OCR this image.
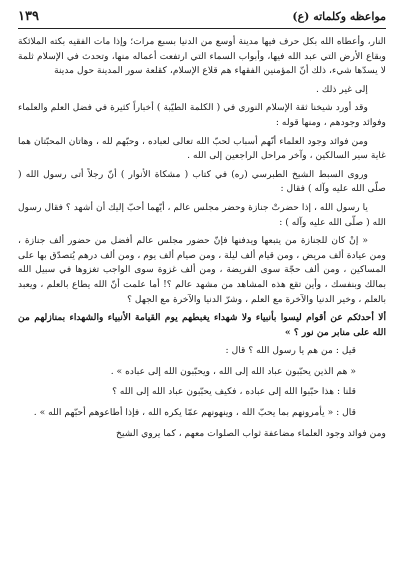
مواعظه وكلماته (ع)
١٣٩

النار، وأعطاه الله بكل حرف فيها مدينة أوسع من الدنيا بسبع مرات؛ وإذا مات الفقيه بكته الملائكة وبقاع الأرض التي عبد الله فيها، وأبواب السماء التي ارتفعت أعماله منها، وتحدث في الإسلام ثلمة لا يسدّها شيء، ذلك أنّ المؤمنين الفقهاء هم قلاع الإسلام، كقلعة سور المدينة حول مدينة

إلى غير ذلك .

وقد أورد شيخنا ثقة الإسلام النوري في ( الكلمة الطيّبة ) أخباراً كثيرة في فضل العلم والعلماء وفوائد وجودهم ، ومنها قوله :

ومن فوائد وجود العلماء أنّهم أسباب لحبّ الله تعالى لعباده ، وحبّهم لله ، وهاتان المحبّتان هما غاية سير السالكين ، وآخر مراحل الراجعين إلى الله .

وروى السبط الشيخ الطبرسي (ره) في كتاب ( مشكاة الأنوار ) أنّ رجلاً أتى رسول الله ( صلّى الله عليه وآله ) فقال :

يا رسول الله ، إذا حضرتْ جنازة وحضر مجلس عالم ، أيّهما أحبّ إليك أن أشهد ؟ فقال رسول الله ( صلّى الله عليه وآله ) :

« إنْ كان للجنازة من يتبعها ويدفنها فإنّ حضور مجلس عالم أفضل من حضور ألف جنازة ، ومن عيادة ألف مريض ، ومن قيام ألف ليلة ، ومن صيام ألف يوم ، ومن ألف درهم يُتصدّق بها على المساكين ، ومن ألف حجّة سوى الفريضة ، ومن ألف غزوة سوى الواجب تغزوها في سبيل الله بمالك وبنفسك ، وأين تقع هذه المشاهد من مشهد عالم ؟! أما علمت أنّ الله يطاع بالعلم ، ويعبد بالعلم ، وخير الدنيا والآخرة مع العلم ، وشرّ الدنيا والآخرة مع الجهل ؟

ألا أحدثكم عن أقوام ليسوا بأنبياء ولا شهداء يغبطهم يوم القيامة الأنبياء والشهداء بمنازلهم من الله على منابر من نور ؟ »

قيل : من هم يا رسول الله ؟ قال :

« هم الذين يحبّبون عباد الله إلى الله ، ويحبّبون الله إلى عباده » .

قلنا : هذا حبّبوا الله إلى عباده ، فكيف يحبّبون عباد الله إلى الله ؟

قال : « يأمرونهم بما يحبّ الله ، وينهونهم عمّا يكره الله ، فإذا أطاعوهم أحبّهم الله » .

ومن فوائد وجود العلماء مضاعفة ثواب الصلوات معهم ، كما يروي الشيخ
